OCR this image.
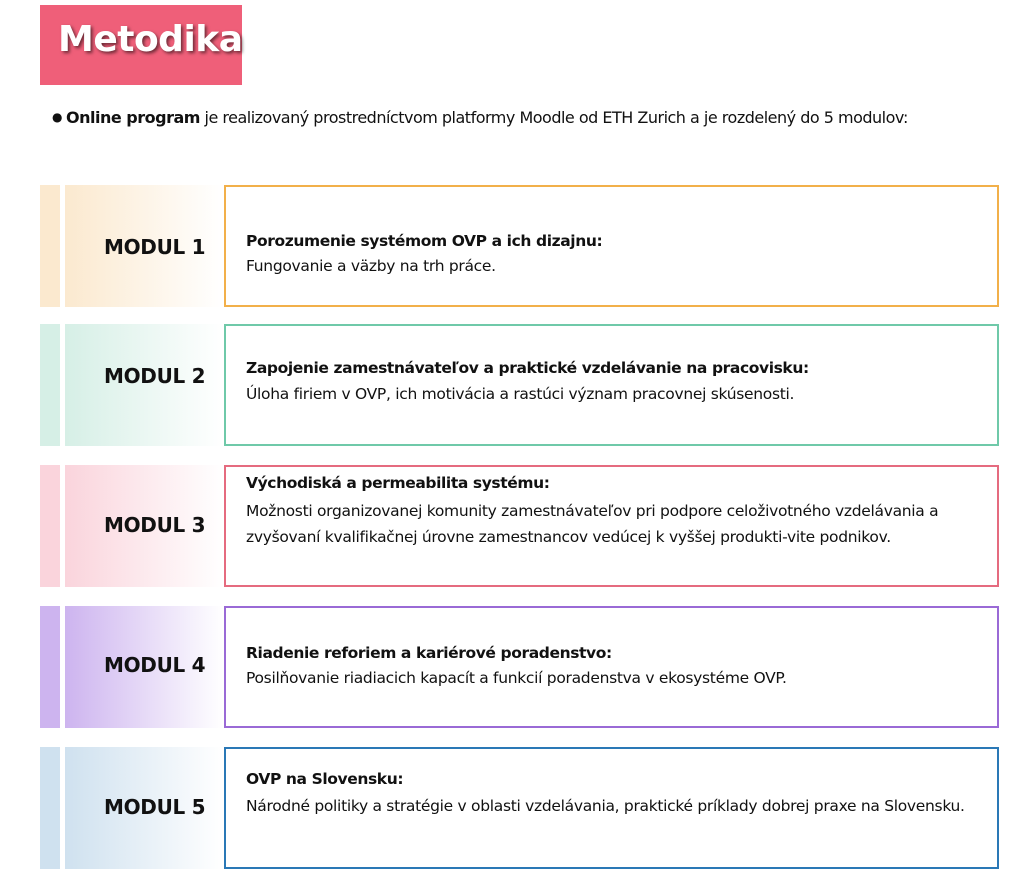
Metodika
● Online program je realizovaný prostredníctvom platformy Moodle od ETH Zurich a je rozdelený do 5 modulov:
MODUL 1	Porozumenie systémom OVP a ich dizajnu:
Fungovanie a väzby na trh práce.
MODUL 2	Zapojenie zamestnávateľov a praktické vzdelávanie na pracovisku:
Úloha firiem v OVP, ich motivácia a rastúci význam pracovnej skúsenosti.
MODUL 3
Východiská a permeabilita systému:
Možnosti organizovanej komunity zamestnávateľov pri podpore celoživotného vzdelávania a zvyšovaní kvalifikačnej úrovne zamestnancov vedúcej k vyššej produkti-vite podnikov.
MODUL 4	Riadenie reforiem a kariérové poradenstvo:
Posilňovanie riadiacich kapacít a funkcií poradenstva v ekosystéme OVP.
MODUL 5
OVP na Slovensku:
Národné politiky a stratégie v oblasti vzdelávania, praktické príklady dobrej praxe na Slovensku.
